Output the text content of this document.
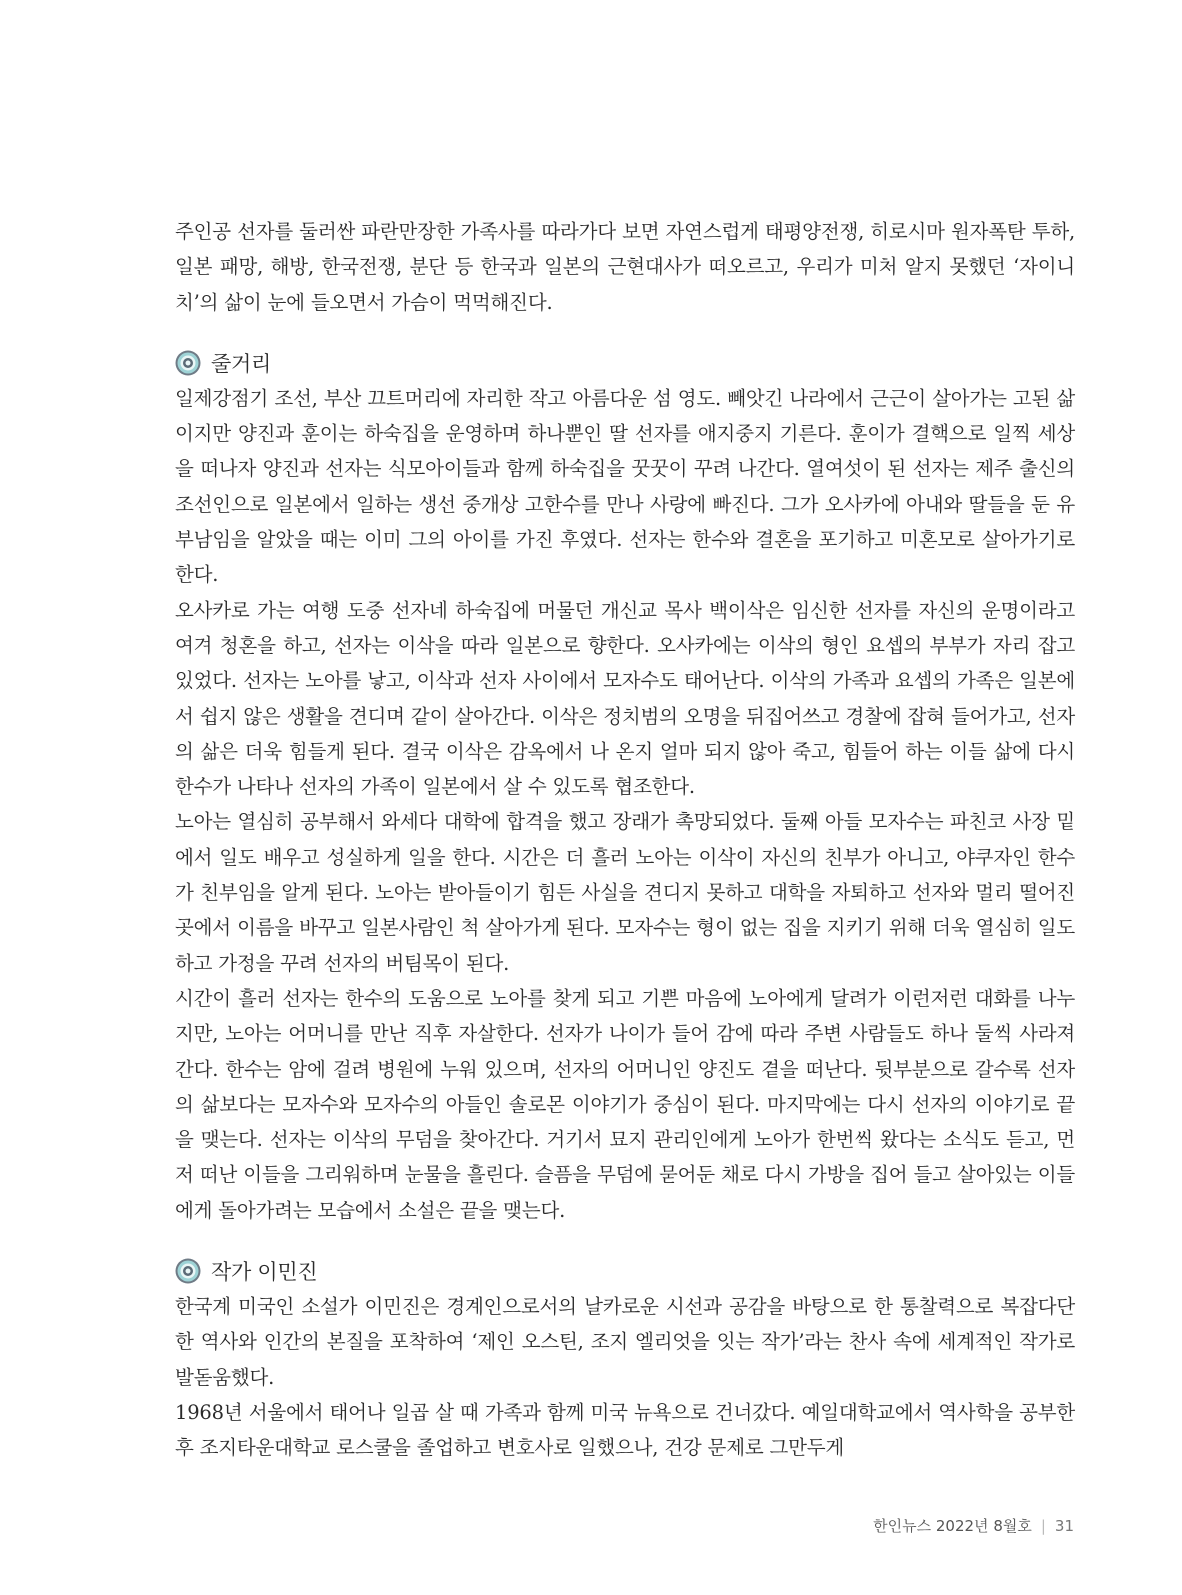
주인공 선자를 둘러싼 파란만장한 가족사를 따라가다 보면 자연스럽게 태평양전쟁, 히로시마 원자폭탄 투하, 일본 패망, 해방, 한국전쟁, 분단 등 한국과 일본의 근현대사가 떠오르고, 우리가 미처 알지 못했던 ‘자이니치’의 삶이 눈에 들오면서 가슴이 먹먹해진다.

줄거리

일제강점기 조선, 부산 끄트머리에 자리한 작고 아름다운 섬 영도. 빼앗긴 나라에서 근근이 살아가는 고된 삶이지만 양진과 훈이는 하숙집을 운영하며 하나뿐인 딸 선자를 애지중지 기른다. 훈이가 결핵으로 일찍 세상을 떠나자 양진과 선자는 식모아이들과 함께 하숙집을 꿋꿋이 꾸려 나간다. 열여섯이 된 선자는 제주 출신의 조선인으로 일본에서 일하는 생선 중개상 고한수를 만나 사랑에 빠진다. 그가 오사카에 아내와 딸들을 둔 유부남임을 알았을 때는 이미 그의 아이를 가진 후였다. 선자는 한수와 결혼을 포기하고 미혼모로 살아가기로 한다.

오사카로 가는 여행 도중 선자네 하숙집에 머물던 개신교 목사 백이삭은 임신한 선자를 자신의 운명이라고 여겨 청혼을 하고, 선자는 이삭을 따라 일본으로 향한다. 오사카에는 이삭의 형인 요셉의 부부가 자리 잡고 있었다. 선자는 노아를 낳고, 이삭과 선자 사이에서 모자수도 태어난다. 이삭의 가족과 요셉의 가족은 일본에서 쉽지 않은 생활을 견디며 같이 살아간다. 이삭은 정치범의 오명을 뒤집어쓰고 경찰에 잡혀 들어가고, 선자의 삶은 더욱 힘들게 된다. 결국 이삭은 감옥에서 나 온지 얼마 되지 않아 죽고, 힘들어 하는 이들 삶에 다시 한수가 나타나 선자의 가족이 일본에서 살 수 있도록 협조한다.

노아는 열심히 공부해서 와세다 대학에 합격을 했고 장래가 촉망되었다. 둘째 아들 모자수는 파친코 사장 밑에서 일도 배우고 성실하게 일을 한다. 시간은 더 흘러 노아는 이삭이 자신의 친부가 아니고, 야쿠자인 한수가 친부임을 알게 된다. 노아는 받아들이기 힘든 사실을 견디지 못하고 대학을 자퇴하고 선자와 멀리 떨어진 곳에서 이름을 바꾸고 일본사람인 척 살아가게 된다. 모자수는 형이 없는 집을 지키기 위해 더욱 열심히 일도 하고 가정을 꾸려 선자의 버팀목이 된다.

시간이 흘러 선자는 한수의 도움으로 노아를 찾게 되고 기쁜 마음에 노아에게 달려가 이런저런 대화를 나누지만, 노아는 어머니를 만난 직후 자살한다. 선자가 나이가 들어 감에 따라 주변 사람들도 하나 둘씩 사라져간다. 한수는 암에 걸려 병원에 누워 있으며, 선자의 어머니인 양진도 곁을 떠난다. 뒷부분으로 갈수록 선자의 삶보다는 모자수와 모자수의 아들인 솔로몬 이야기가 중심이 된다. 마지막에는 다시 선자의 이야기로 끝을 맺는다. 선자는 이삭의 무덤을 찾아간다. 거기서 묘지 관리인에게 노아가 한번씩 왔다는 소식도 듣고, 먼저 떠난 이들을 그리워하며 눈물을 흘린다. 슬픔을 무덤에 묻어둔 채로 다시 가방을 집어 들고 살아있는 이들에게 돌아가려는 모습에서 소설은 끝을 맺는다.

작가 이민진

한국계 미국인 소설가 이민진은 경계인으로서의 날카로운 시선과 공감을 바탕으로 한 통찰력으로 복잡다단한 역사와 인간의 본질을 포착하여 ‘제인 오스틴, 조지 엘리엇을 잇는 작가’라는 찬사 속에 세계적인 작가로 발돋움했다.

1968년 서울에서 태어나 일곱 살 때 가족과 함께 미국 뉴욕으로 건너갔다. 예일대학교에서 역사학을 공부한 후 조지타운대학교 로스쿨을 졸업하고 변호사로 일했으나, 건강 문제로 그만두게

한인뉴스 2022년 8월호 | 31
